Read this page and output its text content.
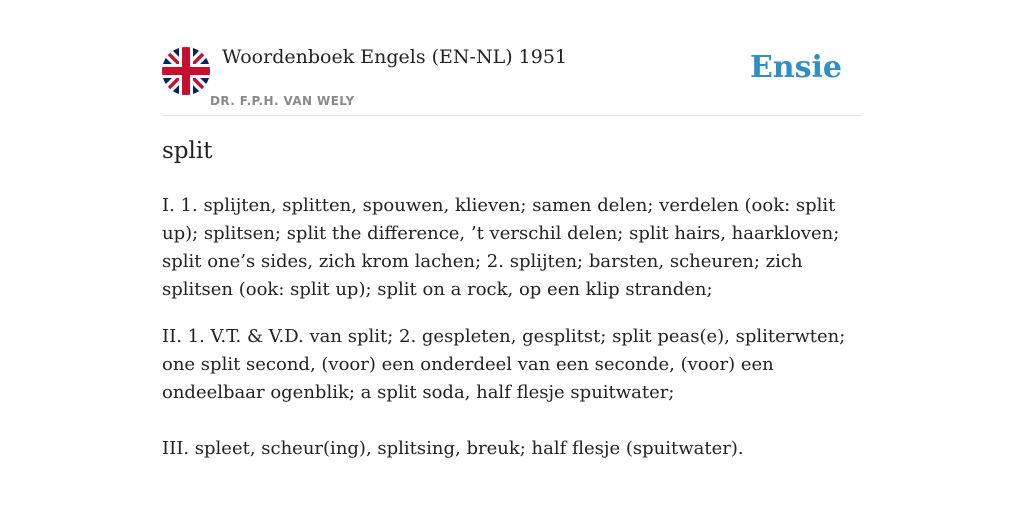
Woordenboek Engels (EN-NL) 1951
DR. F.P.H. VAN WELY
Ensie
split

I. 1. splijten, splitten, spouwen, klieven; samen delen; verdelen (ook: split up); splitsen; split the difference, ’t verschil delen; split hairs, haarkloven; split one’s sides, zich krom lachen; 2. splijten; barsten, scheuren; zich splitsen (ook: split up); split on a rock, op een klip stranden;

II. 1. V.T. & V.D. van split; 2. gespleten, gesplitst; split peas(e), spliterwten; one split second, (voor) een onderdeel van een seconde, (voor) een ondeelbaar ogenblik; a split soda, half flesje spuitwater;

III. spleet, scheur(ing), splitsing, breuk; half flesje (spuitwater).
